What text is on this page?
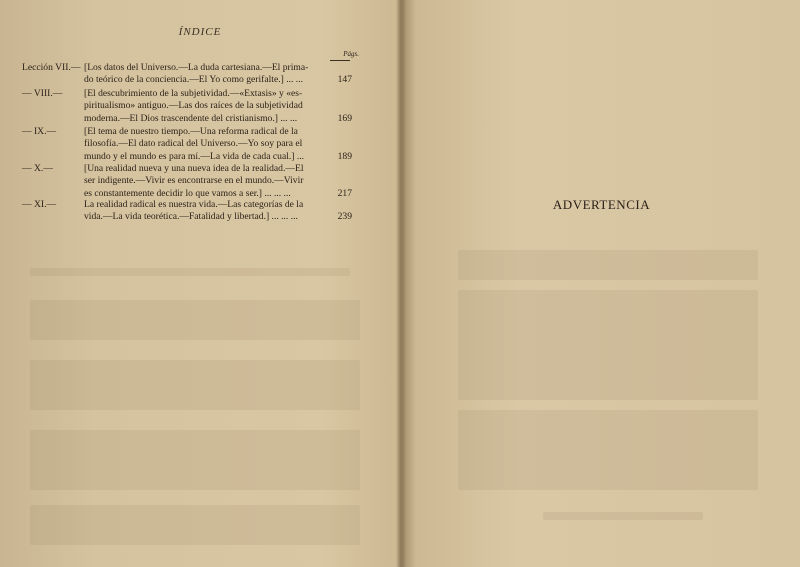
ÍNDICE
Págs.
Lección VII.— [Los datos del Universo.—La duda cartesiana.—El prima-
do teórico de la conciencia.—El Yo como gerifalte.] ... ...	147
— VIII.— [El descubrimiento de la subjetividad.—«Extasis» y «es-
piritualismo» antiguo.—Las dos raíces de la subjetividad
moderna.—El Dios trascendente del cristianismo.] ... ...	169
— IX.—	[El tema de nuestro tiempo.—Una reforma radical de la
filosofía.—El dato radical del Universo.—Yo soy para el
mundo y el mundo es para mí.—La vida de cada cual.] ...	189
— X.—	[Una realidad nueva y una nueva idea de la realidad.—El
ser indigente.—Vivir es encontrarse en el mundo.—Vivir
es constantemente decidir lo que vamos a ser.] ... ... ...	217
— XI.—	La realidad radical es nuestra vida.—Las categorías de la
vida.—La vida teorética.—Fatalidad y libertad.] ... ... ...	239
ADVERTENCIA
